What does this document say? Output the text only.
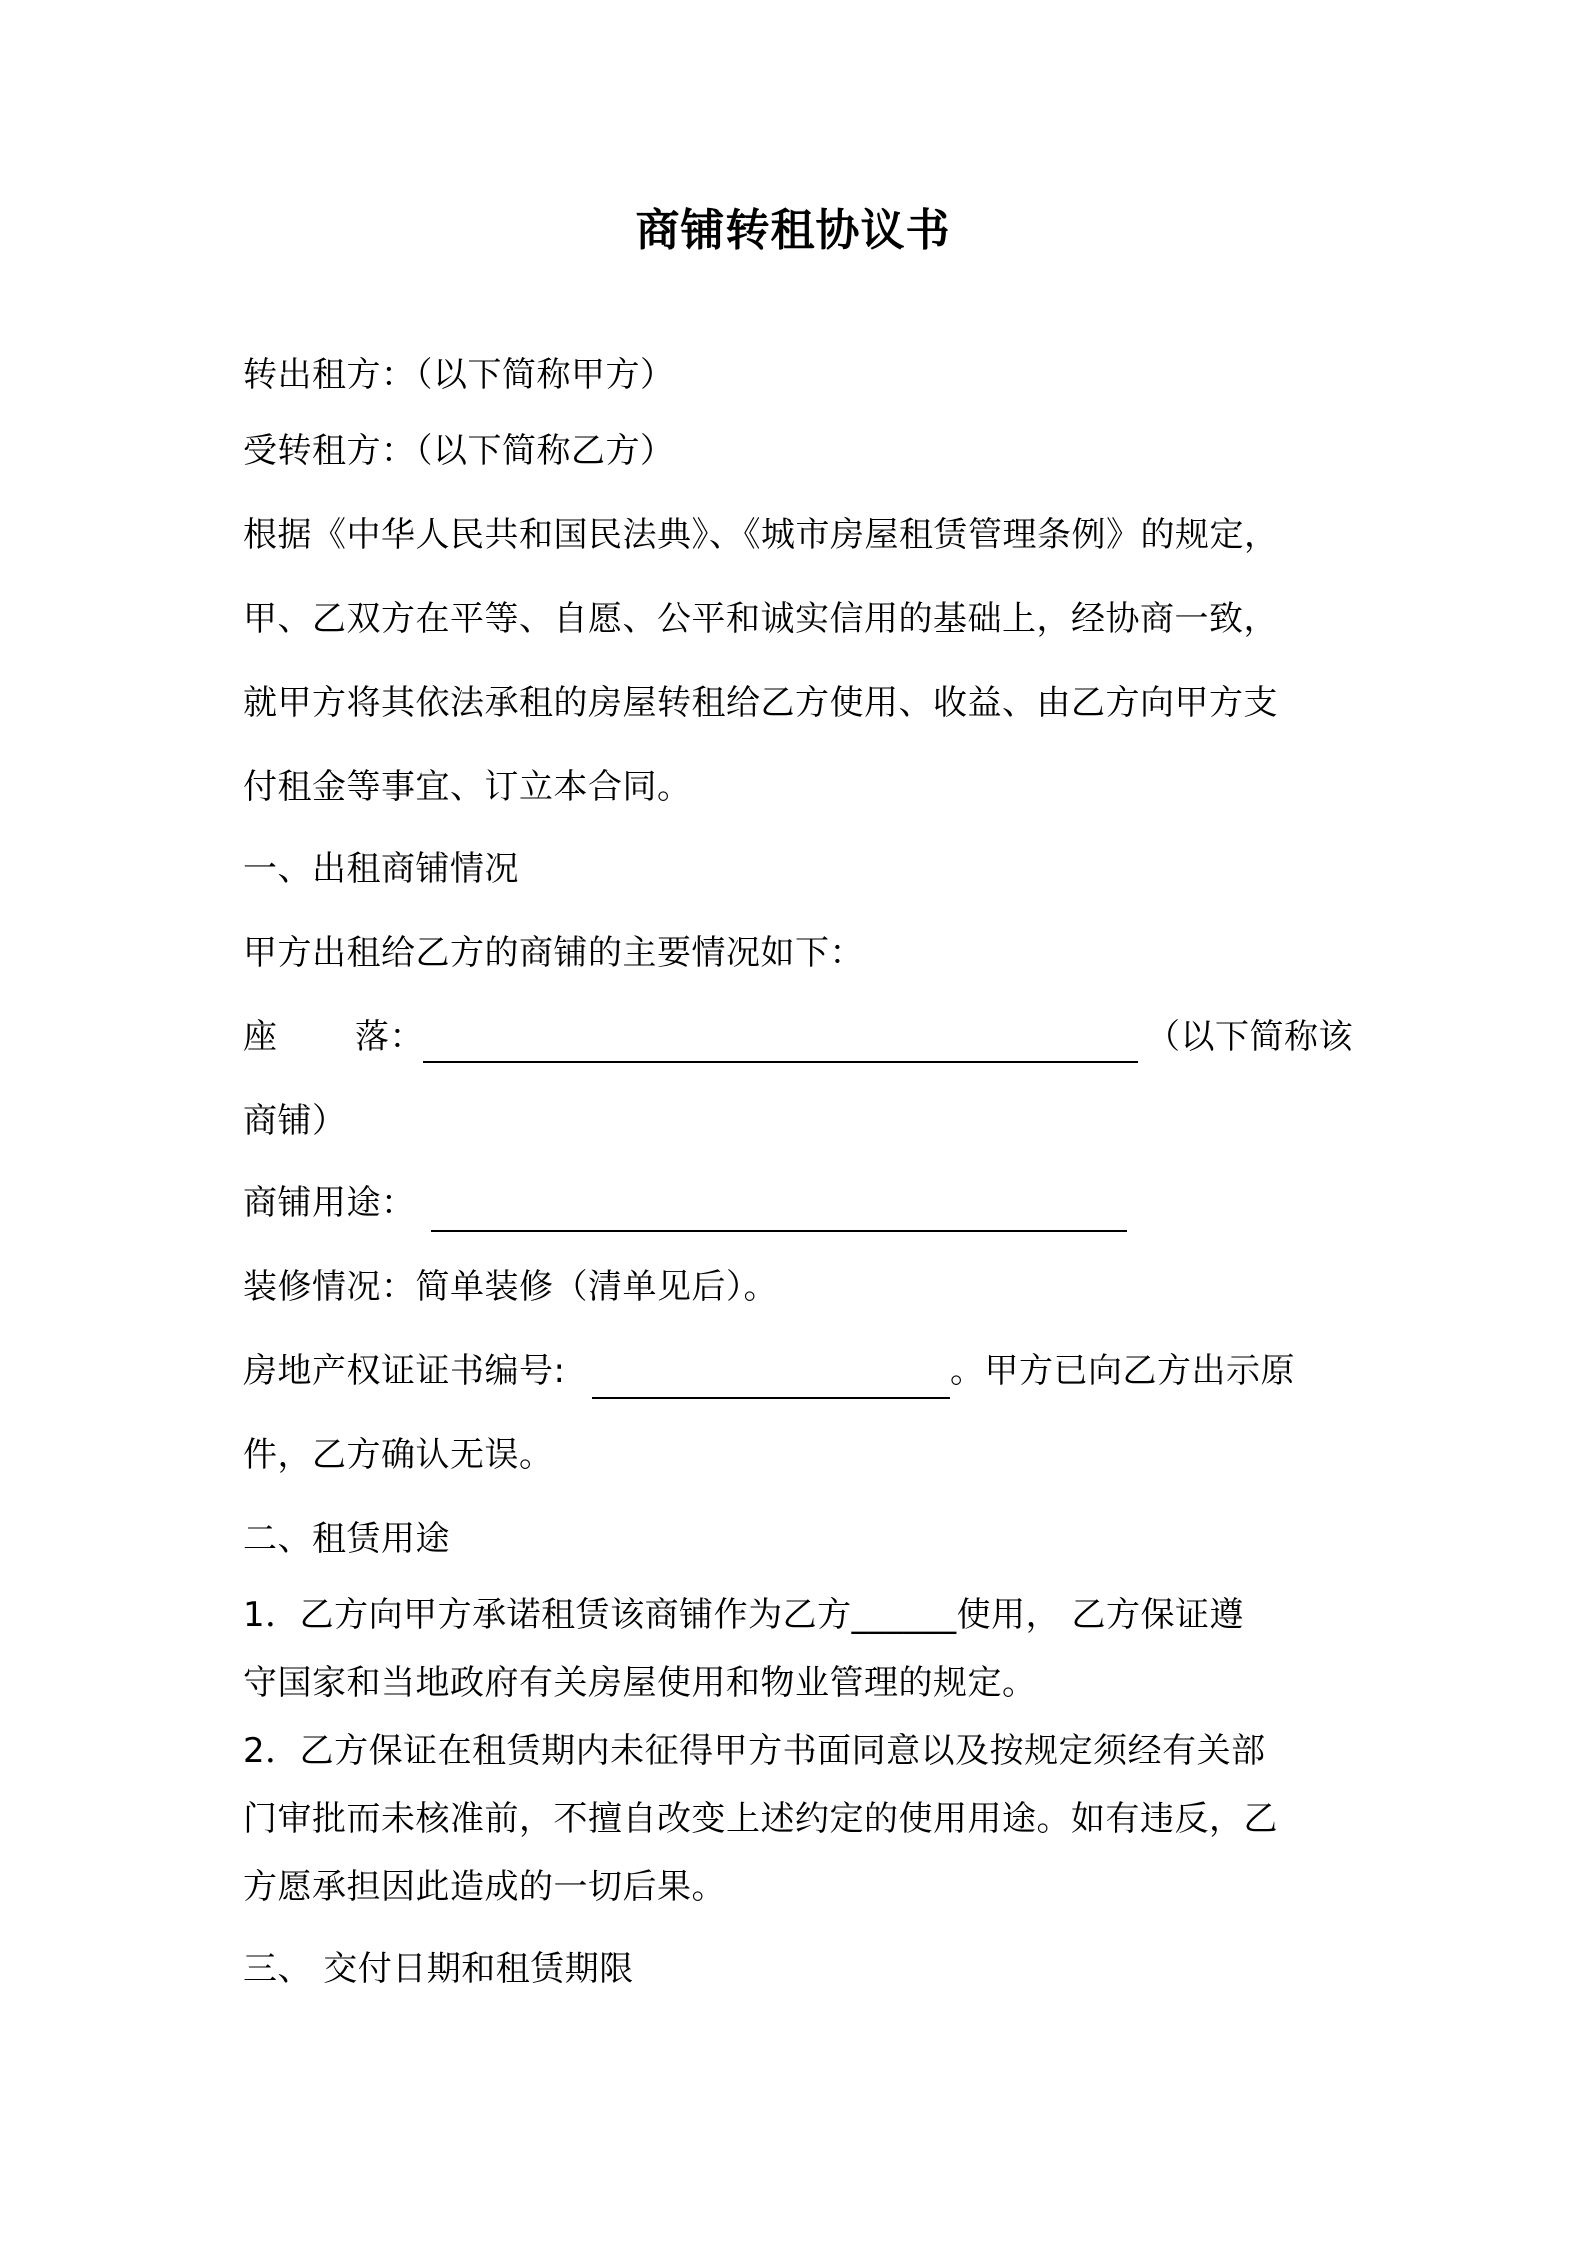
商铺转租协议书
转出租方：（以下简称甲方）
受转租方：（以下简称乙方）
根据《中华人民共和国民法典》、《城市房屋租赁管理条例》的规定，
甲、乙双方在平等、自愿、公平和诚实信用的基础上，经协商一致，
就甲方将其依法承租的房屋转租给乙方使用、收益、由乙方向甲方支
付租金等事宜、订立本合同。
一、出租商铺情况
甲方出租给乙方的商铺的主要情况如下：
座 落：	（以下简称该
商铺）
商铺用途：
装修情况：简单装修（清单见后）。
房地产权证证书编号:	。甲方已向乙方出示原
件，乙方确认无误。
二、租赁用途
1．乙方向甲方承诺租赁该商铺作为乙方______使用， 乙方保证遵
守国家和当地政府有关房屋使用和物业管理的规定。
2．乙方保证在租赁期内未征得甲方书面同意以及按规定须经有关部
门审批而未核准前，不擅自改变上述约定的使用用途。如有违反，乙
方愿承担因此造成的一切后果。
三、 交付日期和租赁期限
